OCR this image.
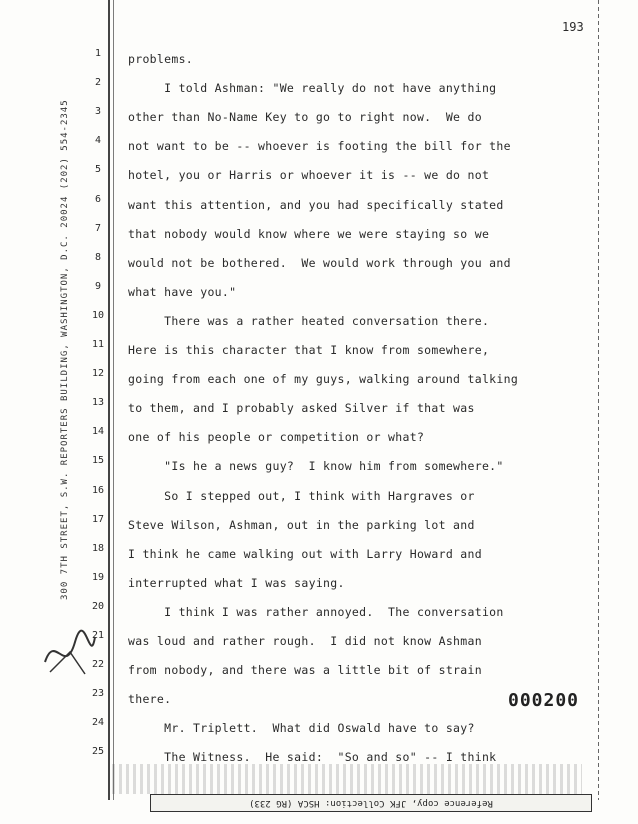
193
300 7TH STREET, S.W. REPORTERS BUILDING, WASHINGTON, D.C. 20024 (202) 554-2345
1
2
3
4
5
6
7
8
9
10
11
12
13
14
15
16
17
18
19
20
21
22
23
24
25
problems.
I told Ashman: "We really do not have anything
other than No-Name Key to go to right now.  We do
not want to be -- whoever is footing the bill for the
hotel, you or Harris or whoever it is -- we do not
want this attention, and you had specifically stated
that nobody would know where we were staying so we
would not be bothered.  We would work through you and
what have you."
There was a rather heated conversation there.
Here is this character that I know from somewhere,
going from each one of my guys, walking around talking
to them, and I probably asked Silver if that was
one of his people or competition or what?
"Is he a news guy?  I know him from somewhere."
So I stepped out, I think with Hargraves or
Steve Wilson, Ashman, out in the parking lot and
I think he came walking out with Larry Howard and
interrupted what I was saying.
I think I was rather annoyed.  The conversation
was loud and rather rough.  I did not know Ashman
from nobody, and there was a little bit of strain
there.
Mr. Triplett.  What did Oswald have to say?
The Witness.  He said:  "So and so" -- I think
000200
Reference copy, JFK Collection: HSCA (RG 233)
